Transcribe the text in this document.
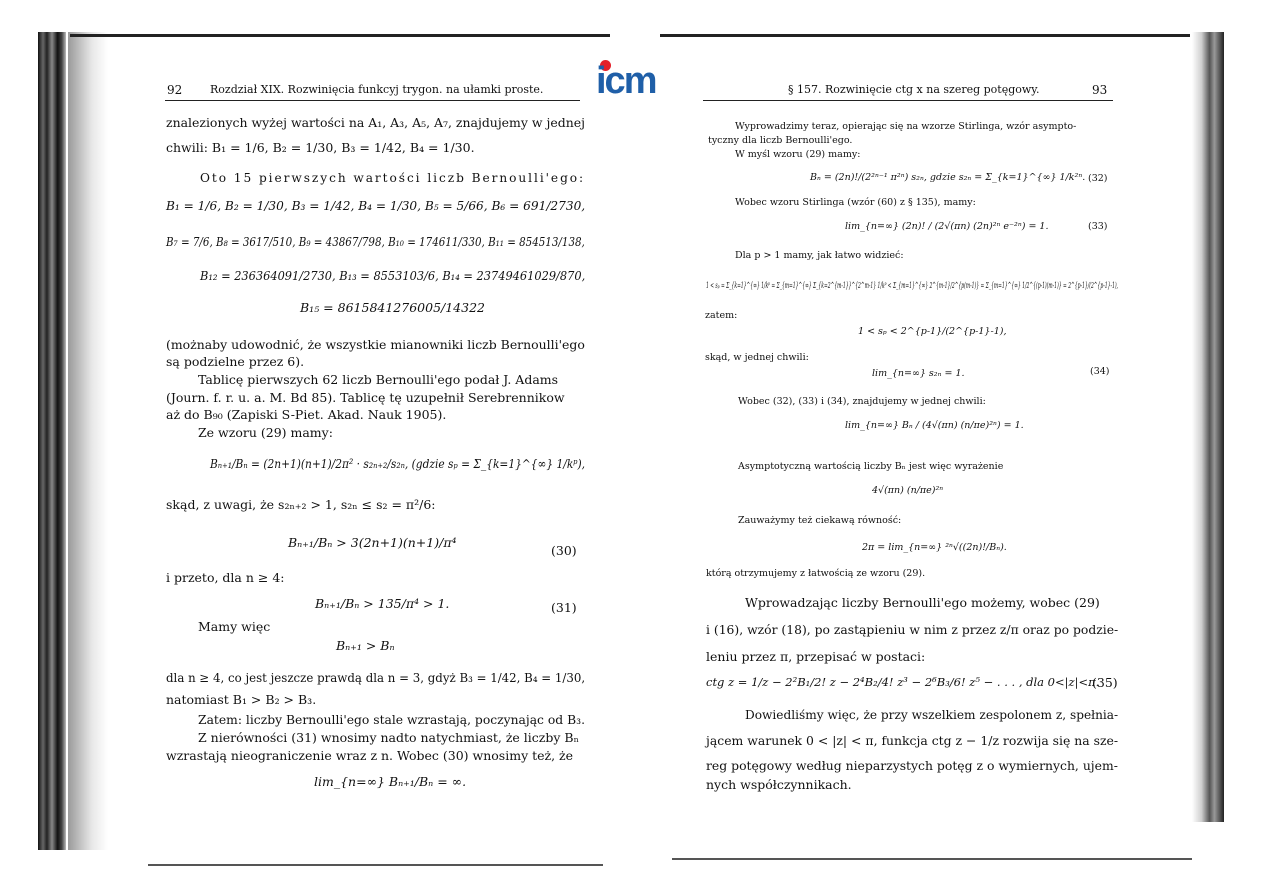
icm
92	Rozdział XIX. Rozwinięcia funkcyj trygon. na ułamki proste.
znalezionych wyżej wartości na A₁, A₃, A₅, A₇, znajdujemy w jednej
chwili: B₁ = 1/6, B₂ = 1/30, B₃ = 1/42, B₄ = 1/30.
Oto 15 pierwszych wartości liczb Bernoulli'ego:
B₁ = 1/6, B₂ = 1/30, B₃ = 1/42, B₄ = 1/30, B₅ = 5/66, B₆ = 691/2730,
B₇ = 7/6, B₈ = 3617/510, B₉ = 43867/798, B₁₀ = 174611/330, B₁₁ = 854513/138,
B₁₂ = 236364091/2730, B₁₃ = 8553103/6, B₁₄ = 23749461029/870,
B₁₅ = 8615841276005/14322
(możnaby udowodnić, że wszystkie mianowniki liczb Bernoulli'ego
są podzielne przez 6).
Tablicę pierwszych 62 liczb Bernoulli'ego podał J. Adams
(Journ. f. r. u. a. M. Bd 85). Tablicę tę uzupełnił Serebrennikow
aż do B₉₀ (Zapiski S-Piet. Akad. Nauk 1905).
Ze wzoru (29) mamy:
Bₙ₊₁/Bₙ = (2n+1)(n+1)/2π² · s₂ₙ₊₂/s₂ₙ, (gdzie sₚ = Σ_{k=1}^{∞} 1/kᵖ),
skąd, z uwagi, że s₂ₙ₊₂ > 1, s₂ₙ ≤ s₂ = π²/6:
Bₙ₊₁/Bₙ > 3(2n+1)(n+1)/π⁴
(30)
i przeto, dla n ≥ 4:
Bₙ₊₁/Bₙ > 135/π⁴ > 1.	(31)
Mamy więc
Bₙ₊₁ > Bₙ
dla n ≥ 4, co jest jeszcze prawdą dla n = 3, gdyż B₃ = 1/42, B₄ = 1/30,
natomiast B₁ > B₂ > B₃.
Zatem: liczby Bernoulli'ego stale wzrastają, poczynając od B₃.
Z nierówności (31) wnosimy nadto natychmiast, że liczby Bₙ
wzrastają nieograniczenie wraz z n. Wobec (30) wnosimy też, że
lim_{n=∞} Bₙ₊₁/Bₙ = ∞.
§ 157. Rozwinięcie ctg x na szereg potęgowy.	93
Wyprowadzimy teraz, opierając się na wzorze Stirlinga, wzór asympto-
tyczny dla liczb Bernoulli'ego.
W myśl wzoru (29) mamy:
Bₙ = (2n)!/(2²ⁿ⁻¹ π²ⁿ) s₂ₙ, gdzie s₂ₙ = Σ_{k=1}^{∞} 1/k²ⁿ. (32)
Wobec wzoru Stirlinga (wzór (60) z § 135), mamy:
lim_{n=∞} (2n)! / (2√(πn) (2n)²ⁿ e⁻²ⁿ) = 1.	(33)
Dla p > 1 mamy, jak łatwo widzieć:
1 < sₚ = Σ_{k=1}^{∞} 1/kᵖ = Σ_{m=1}^{∞} Σ_{k=2^{m-1}}^{2^m-1} 1/kᵖ < Σ_{m=1}^{∞} 2^{m-1}/2^{p(m-1)} = Σ_{m=1}^{∞} 1/2^{(p-1)(m-1)} = 2^{p-1}/(2^{p-1}-1),
zatem:
1 < sₚ < 2^{p-1}/(2^{p-1}-1),
skąd, w jednej chwili:
lim_{n=∞} s₂ₙ = 1.	(34)
Wobec (32), (33) i (34), znajdujemy w jednej chwili:
lim_{n=∞} Bₙ / (4√(πn) (n/πe)²ⁿ) = 1.
Asymptotyczną wartością liczby Bₙ jest więc wyrażenie
4√(πn) (n/πe)²ⁿ
Zauważymy też ciekawą równość:
2π = lim_{n=∞} ²ⁿ√((2n)!/Bₙ).
którą otrzymujemy z łatwością ze wzoru (29).
Wprowadzając liczby Bernoulli'ego możemy, wobec (29)
i (16), wzór (18), po zastąpieniu w nim z przez z/π oraz po podzie-
leniu przez π, przepisać w postaci:
ctg z = 1/z − 2²B₁/2! z − 2⁴B₂/4! z³ − 2⁶B₃/6! z⁵ − . . . , dla 0<|z|<π.
(35)
Dowiedliśmy więc, że przy wszelkiem zespolonem z, spełnia-
jącem warunek 0 < |z| < π, funkcja ctg z − 1/z rozwija się na sze-
reg potęgowy według nieparzystych potęg z o wymiernych, ujem-
nych współczynnikach.
